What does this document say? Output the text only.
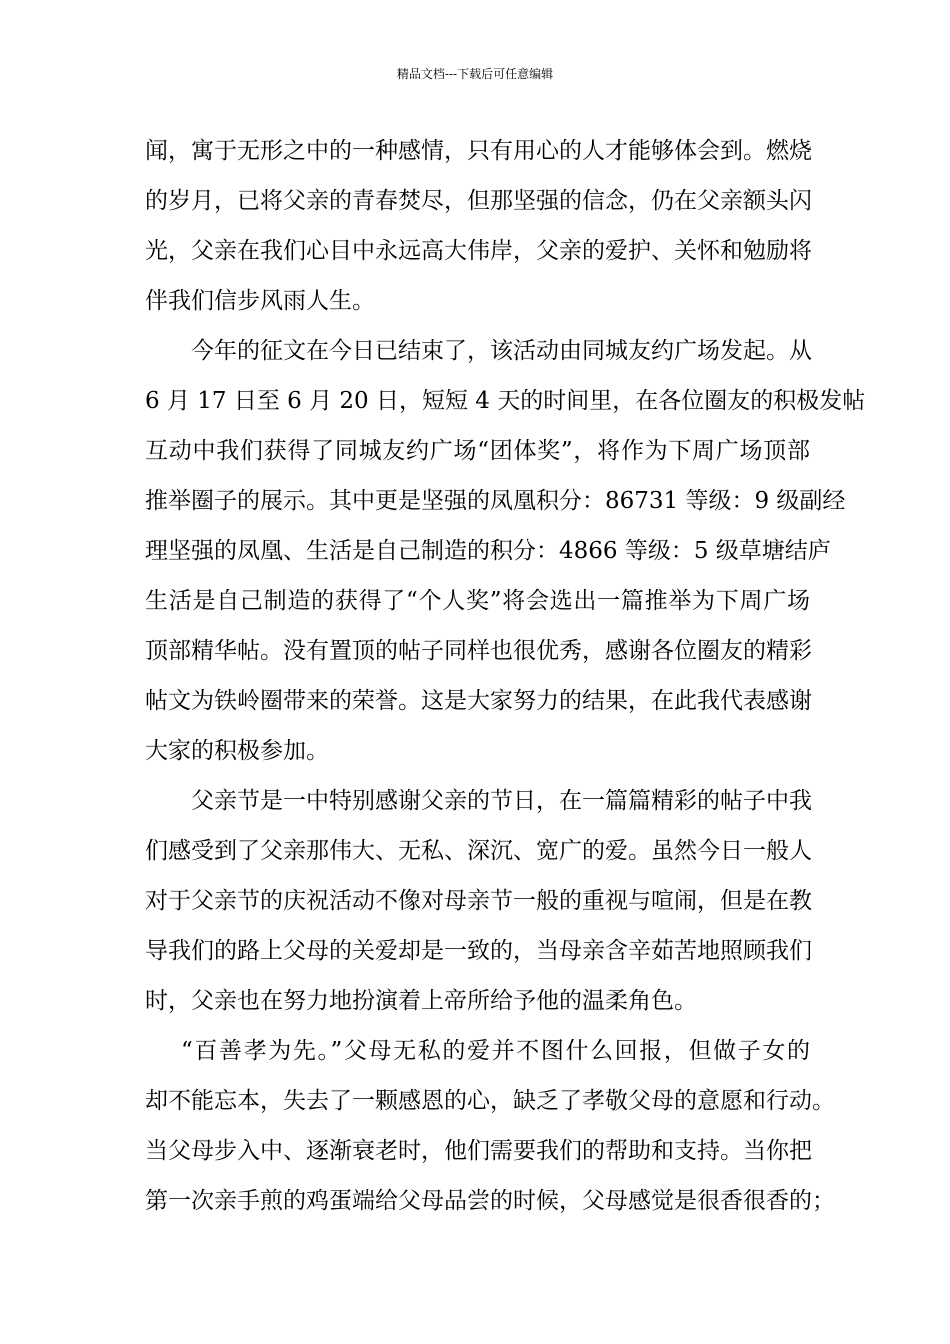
精品文档---下载后可任意编辑
闻，寓于无形之中的一种感情，只有用心的人才能够体会到。燃烧
的岁月，已将父亲的青春焚尽，但那坚强的信念，仍在父亲额头闪
光，父亲在我们心目中永远高大伟岸，父亲的爱护、关怀和勉励将
伴我们信步风雨人生。
今年的征文在今日已结束了，该活动由同城友约广场发起。从
6 月 17 日至 6 月 20 日，短短 4 天的时间里，在各位圈友的积极发帖
互动中我们获得了同城友约广场“团体奖”，将作为下周广场顶部
推举圈子的展示。其中更是坚强的凤凰积分：86731 等级：9 级副经
理坚强的凤凰、生活是自己制造的积分：4866 等级：5 级草塘结庐
生活是自己制造的获得了“个人奖”将会选出一篇推举为下周广场
顶部精华帖。没有置顶的帖子同样也很优秀，感谢各位圈友的精彩
帖文为铁岭圈带来的荣誉。这是大家努力的结果，在此我代表感谢
大家的积极参加。
父亲节是一中特别感谢父亲的节日，在一篇篇精彩的帖子中我
们感受到了父亲那伟大、无私、深沉、宽广的爱。虽然今日一般人
对于父亲节的庆祝活动不像对母亲节一般的重视与喧闹，但是在教
导我们的路上父母的关爱却是一致的，当母亲含辛茹苦地照顾我们
时，父亲也在努力地扮演着上帝所给予他的温柔角色。
“百善孝为先。”父母无私的爱并不图什么回报，但做子女的
却不能忘本，失去了一颗感恩的心，缺乏了孝敬父母的意愿和行动。
当父母步入中、逐渐衰老时，他们需要我们的帮助和支持。当你把
第一次亲手煎的鸡蛋端给父母品尝的时候，父母感觉是很香很香的；
